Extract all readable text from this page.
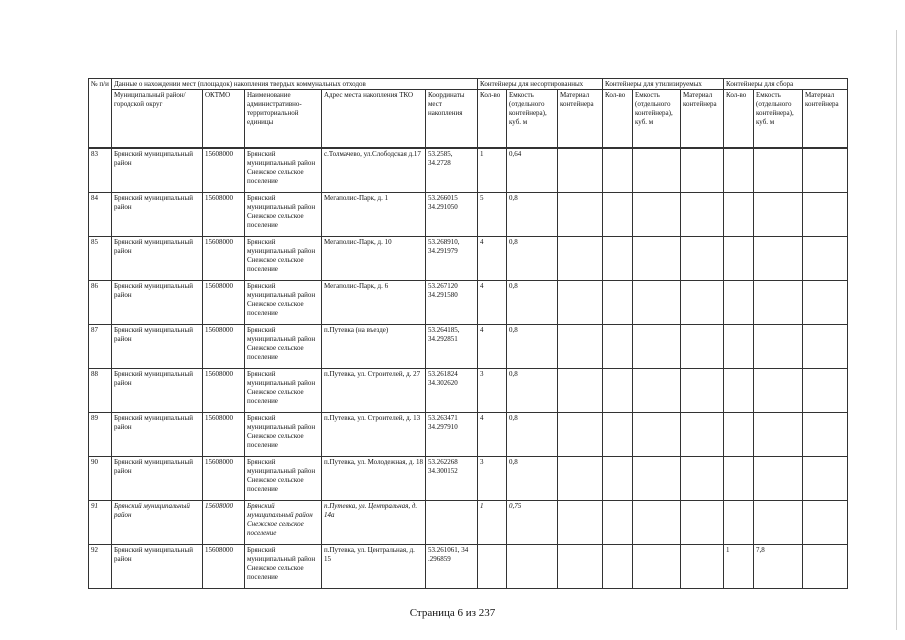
№ п/и	Данные о нахождении мест (площадок) накопления твердых коммунальных отходов					Контейнеры для несортированных			Контейнеры для утилизируемых			Контейнеры для сбора		
	Муниципальный район/городской округ	ОКТМО	Наименование административно-территориальной единицы	Адрес места накопления ТКО	Координаты мест накопления	Кол-во	Емкость (отдельного контейнера), куб. м	Материал контейнера	Кол-во	Емкость (отдельного контейнера), куб. м	Материал контейнера	Кол-во	Емкость (отдельного контейнера), куб. м	Материал контейнера

83	Брянский муниципальный район	15608000	Брянский муниципальный район Снежское сельское поселение	с.Толмачево, ул.Слободская д.17	53.2585, 34.2728	1	0,64							
84	Брянский муниципальный район	15608000	Брянский муниципальный район Снежское сельское поселение	Мегаполис-Парк, д. 1	53.266015 34.291050	5	0,8							
85	Брянский муниципальный район	15608000	Брянский муниципальный район Снежское сельское поселение	Мегаполис-Парк, д. 10	53.268910, 34.291979	4	0,8							
86	Брянский муниципальный район	15608000	Брянский муниципальный район Снежское сельское поселение	Мегаполис-Парк, д. 6	53.267120 34.291580	4	0,8							
87	Брянский муниципальный район	15608000	Брянский муниципальный район Снежское сельское поселение	п.Путевка (на въезде)	53.264185, 34.292851	4	0,8							
88	Брянский муниципальный район	15608000	Брянский муниципальный район Снежское сельское поселение	п.Путевка, ул. Строителей, д. 27	53.261824 34.302620	3	0,8							
89	Брянский муниципальный район	15608000	Брянский муниципальный район Снежское сельское поселение	п.Путевка, ул. Строителей, д. 13	53.263471 34.297910	4	0,8							
90	Брянский муниципальный район	15608000	Брянский муниципальный район Снежское сельское поселение	п.Путевка, ул. Молодежная, д. 18	53.262268 34.300152	3	0,8							
91	Брянский муниципальный район	15608000	Брянский муниципальный район Снежское сельское поселение	п.Путевка, ул. Центральная, д. 14а		1	0,75							
92	Брянский муниципальный район	15608000	Брянский муниципальный район Снежское сельское поселение	п.Путевка, ул. Центральная, д. 15	53.261061, 34 .296859							1	7,8	
Страница 6 из 237
